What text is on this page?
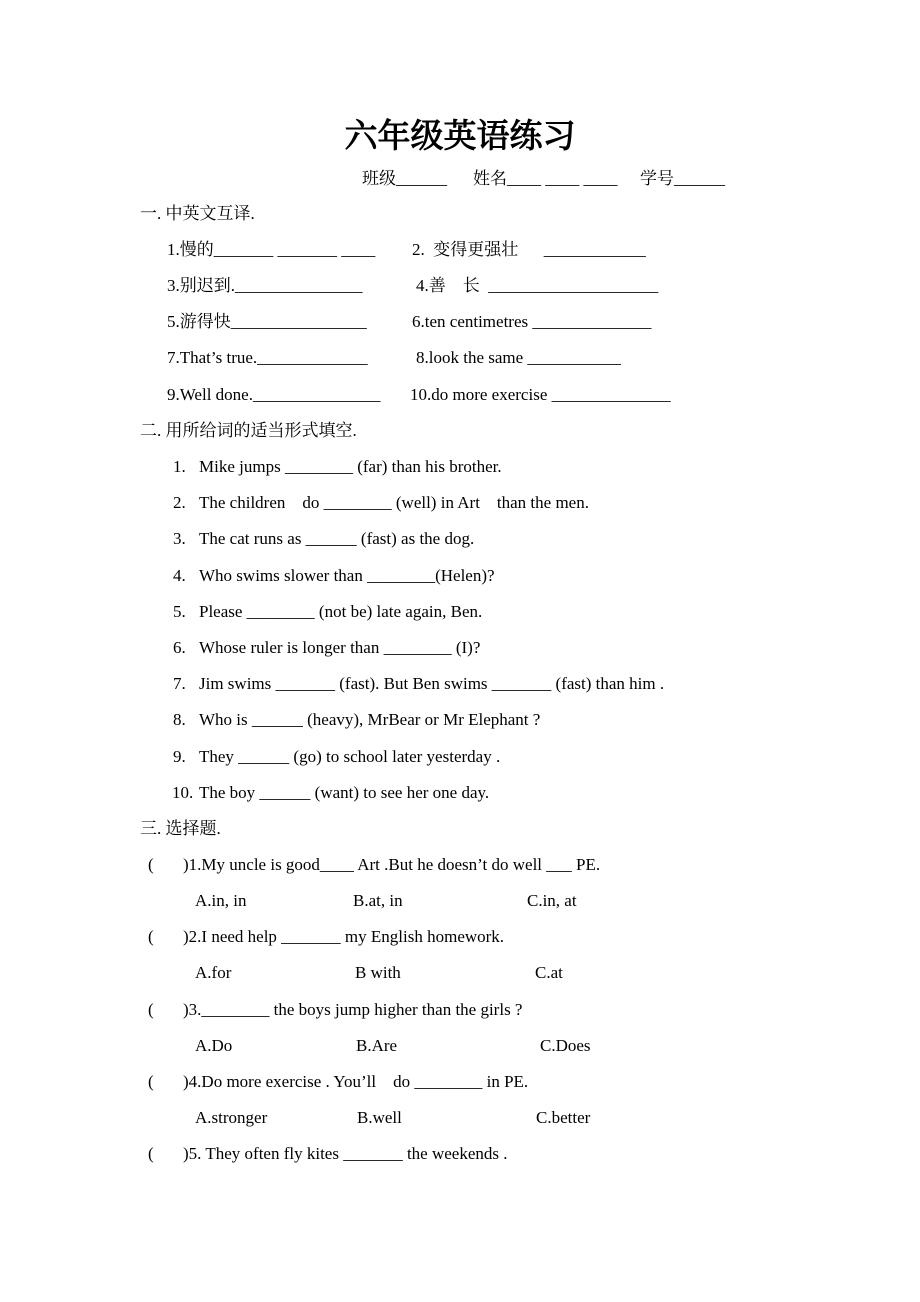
六年级英语练习
班级______ 姓名____ ____ ____ 学号______
一. 中英文互译.
1.慢的_______ _______ ____ 2.  变得更强壮      ____________
3.别迟到._______________	4.善    长  ____________________
5.游得快________________	6.ten centimetres ______________
7.That’s true._____________	8.look the same ___________
9.Well done._______________ 10.do more exercise ______________
二. 用所给词的适当形式填空.
1. Mike jumps ________ (far) than his brother.
2. The children    do ________ (well) in Art    than the men.
3. The cat runs as ______ (fast) as the dog.
4. Who swims slower than ________(Helen)?
5. Please ________ (not be) late again, Ben.
6. Whose ruler is longer than ________ (I)?
7. Jim swims _______ (fast). But Ben swims _______ (fast) than him .
8. Who is ______ (heavy), MrBear or Mr Elephant ?
9. They ______ (go) to school later yesterday .
10. The boy ______ (want) to see her one day.
三. 选择题.
( )1.My uncle is good____ Art .But he doesn’t do well ___ PE.
A.in, in	B.at, in	C.in, at
( )2.I need help _______ my English homework.
A.for	B with	C.at
( )3.________ the boys jump higher than the girls ?
A.Do	B.Are	C.Does
( )4.Do more exercise . You’ll    do ________ in PE.
A.stronger	B.well	C.better
( )5. They often fly kites _______ the weekends .
